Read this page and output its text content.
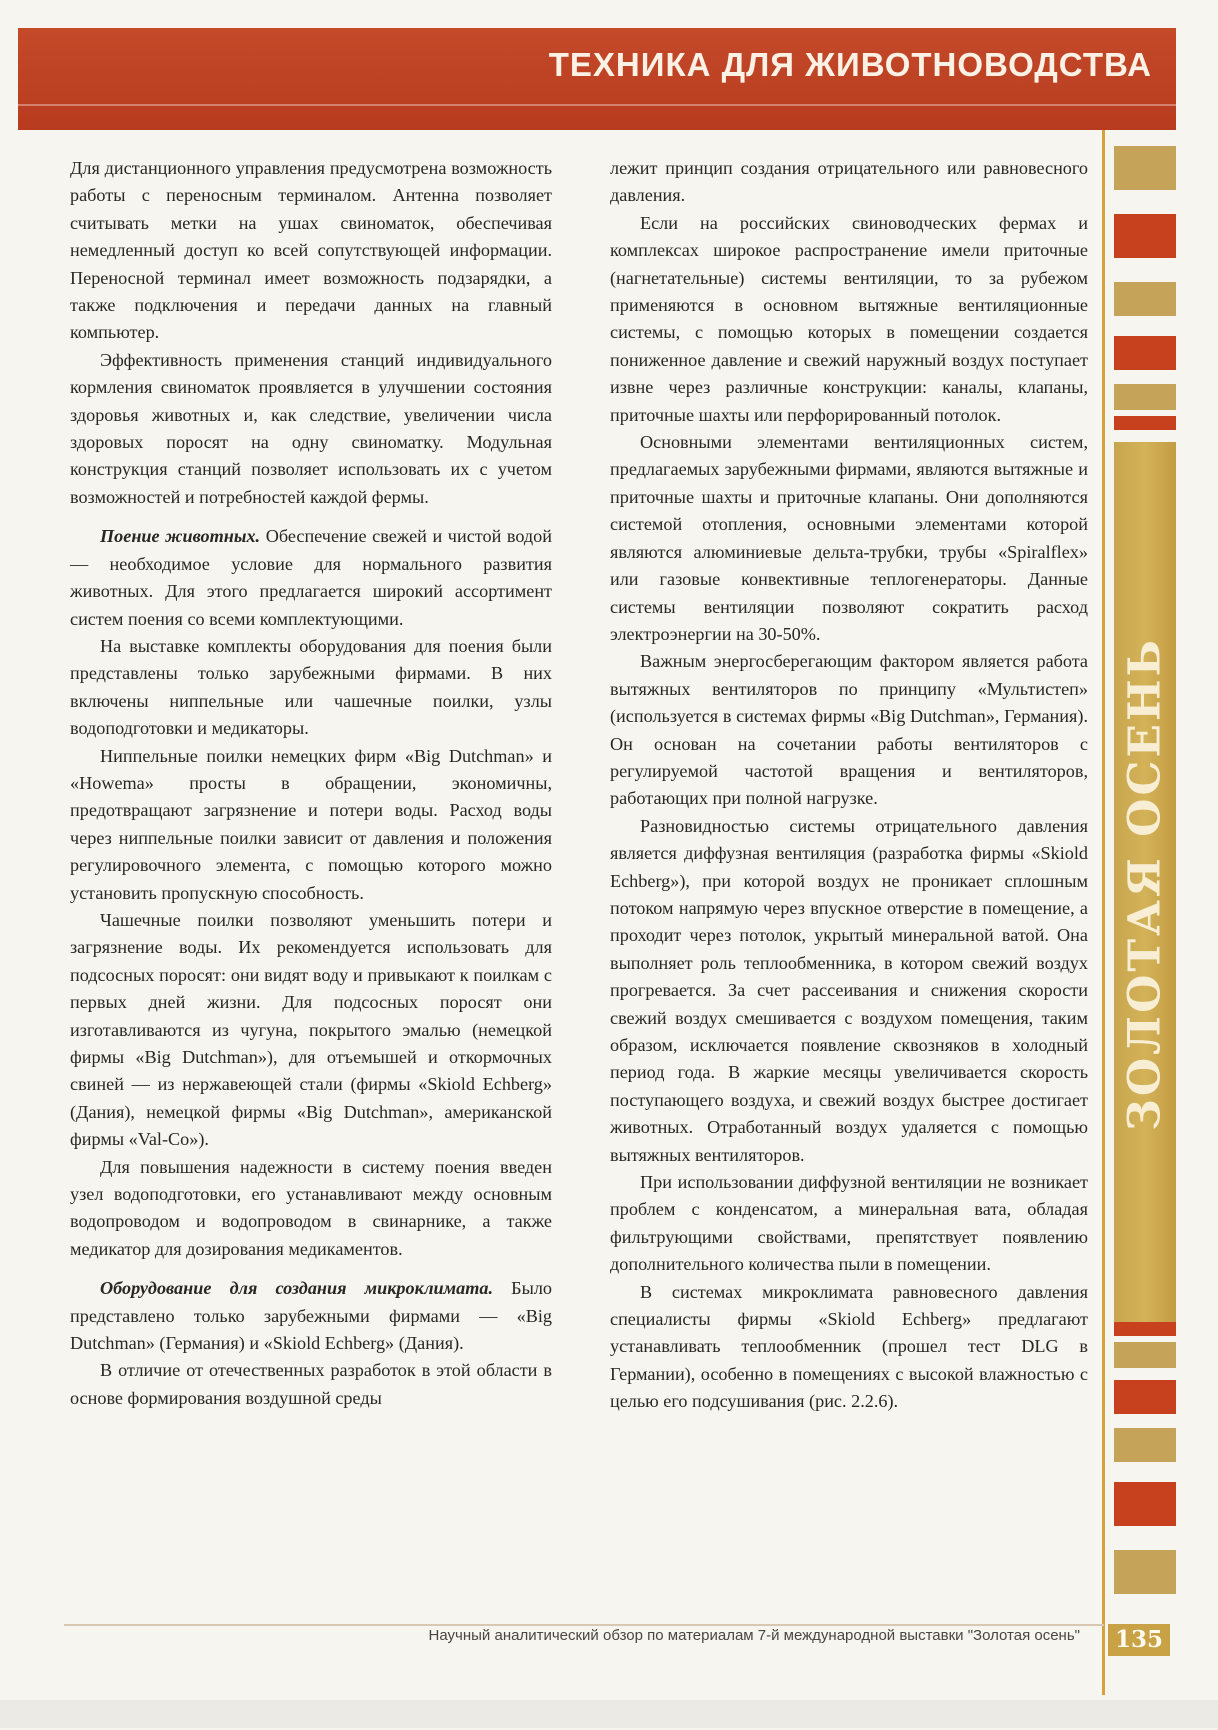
ТЕХНИКА ДЛЯ ЖИВОТНОВОДСТВА
ЗОЛОТАЯ ОСЕНЬ

Для дистанционного управления предусмотрена возможность работы с переносным терминалом. Антенна позволяет считывать метки на ушах свиноматок, обеспечивая немедленный доступ ко всей сопутствующей информации. Переносной терминал имеет возможность подзарядки, а также подключения и передачи данных на главный компьютер.

Эффективность применения станций индивидуального кормления свиноматок проявляется в улучшении состояния здоровья животных и, как следствие, увеличении числа здоровых поросят на одну свиноматку. Модульная конструкция станций позволяет использовать их с учетом возможностей и потребностей каждой фермы.

Поение животных. Обеспечение свежей и чистой водой — необходимое условие для нормального развития животных. Для этого предлагается широкий ассортимент систем поения со всеми комплектующими.

На выставке комплекты оборудования для поения были представлены только зарубежными фирмами. В них включены ниппельные или чашечные поилки, узлы водоподготовки и медикаторы.

Ниппельные поилки немецких фирм «Big Dutchman» и «Howema» просты в обращении, экономичны, предотвращают загрязнение и потери воды. Расход воды через ниппельные поилки зависит от давления и положения регулировочного элемента, с помощью которого можно установить пропускную способность.

Чашечные поилки позволяют уменьшить потери и загрязнение воды. Их рекомендуется использовать для подсосных поросят: они видят воду и привыкают к поилкам с первых дней жизни. Для подсосных поросят они изготавливаются из чугуна, покрытого эмалью (немецкой фирмы «Big Dutchman»), для отъемышей и откормочных свиней — из нержавеющей стали (фирмы «Skiold Echberg» (Дания), немецкой фирмы «Big Dutchman», американской фирмы «Val-Co»).

Для повышения надежности в систему поения введен узел водоподготовки, его устанавливают между основным водопроводом и водопроводом в свинарнике, а также медикатор для дозирования медикаментов.

Оборудование для создания микроклимата. Было представлено только зарубежными фирмами — «Big Dutchman» (Германия) и «Skiold Echberg» (Дания).

В отличие от отечественных разработок в этой области в основе формирования воздушной среды

лежит принцип создания отрицательного или равновесного давления.

Если на российских свиноводческих фермах и комплексах широкое распространение имели приточные (нагнетательные) системы вентиляции, то за рубежом применяются в основном вытяжные вентиляционные системы, с помощью которых в помещении создается пониженное давление и свежий наружный воздух поступает извне через различные конструкции: каналы, клапаны, приточные шахты или перфорированный потолок.

Основными элементами вентиляционных систем, предлагаемых зарубежными фирмами, являются вытяжные и приточные шахты и приточные клапаны. Они дополняются системой отопления, основными элементами которой являются алюминиевые дельта-трубки, трубы «Spiralflex» или газовые конвективные теплогенераторы. Данные системы вентиляции позволяют сократить расход электроэнергии на 30-50%.

Важным энергосберегающим фактором является работа вытяжных вентиляторов по принципу «Мультистеп» (используется в системах фирмы «Big Dutchman», Германия). Он основан на сочетании работы вентиляторов с регулируемой частотой вращения и вентиляторов, работающих при полной нагрузке.

Разновидностью системы отрицательного давления является диффузная вентиляция (разработка фирмы «Skiold Echberg»), при которой воздух не проникает сплошным потоком напрямую через впускное отверстие в помещение, а проходит через потолок, укрытый минеральной ватой. Она выполняет роль теплообменника, в котором свежий воздух прогревается. За счет рассеивания и снижения скорости свежий воздух смешивается с воздухом помещения, таким образом, исключается появление сквозняков в холодный период года. В жаркие месяцы увеличивается скорость поступающего воздуха, и свежий воздух быстрее достигает животных. Отработанный воздух удаляется с помощью вытяжных вентиляторов.

При использовании диффузной вентиляции не возникает проблем с конденсатом, а минеральная вата, обладая фильтрующими свойствами, препятствует появлению дополнительного количества пыли в помещении.

В системах микроклимата равновесного давления специалисты фирмы «Skiold Echberg» предлагают устанавливать теплообменник (прошел тест DLG в Германии), особенно в помещениях с высокой влажностью с целью его подсушивания (рис. 2.2.6).

Научный аналитический обзор по материалам 7-й международной выставки "Золотая осень"	135
